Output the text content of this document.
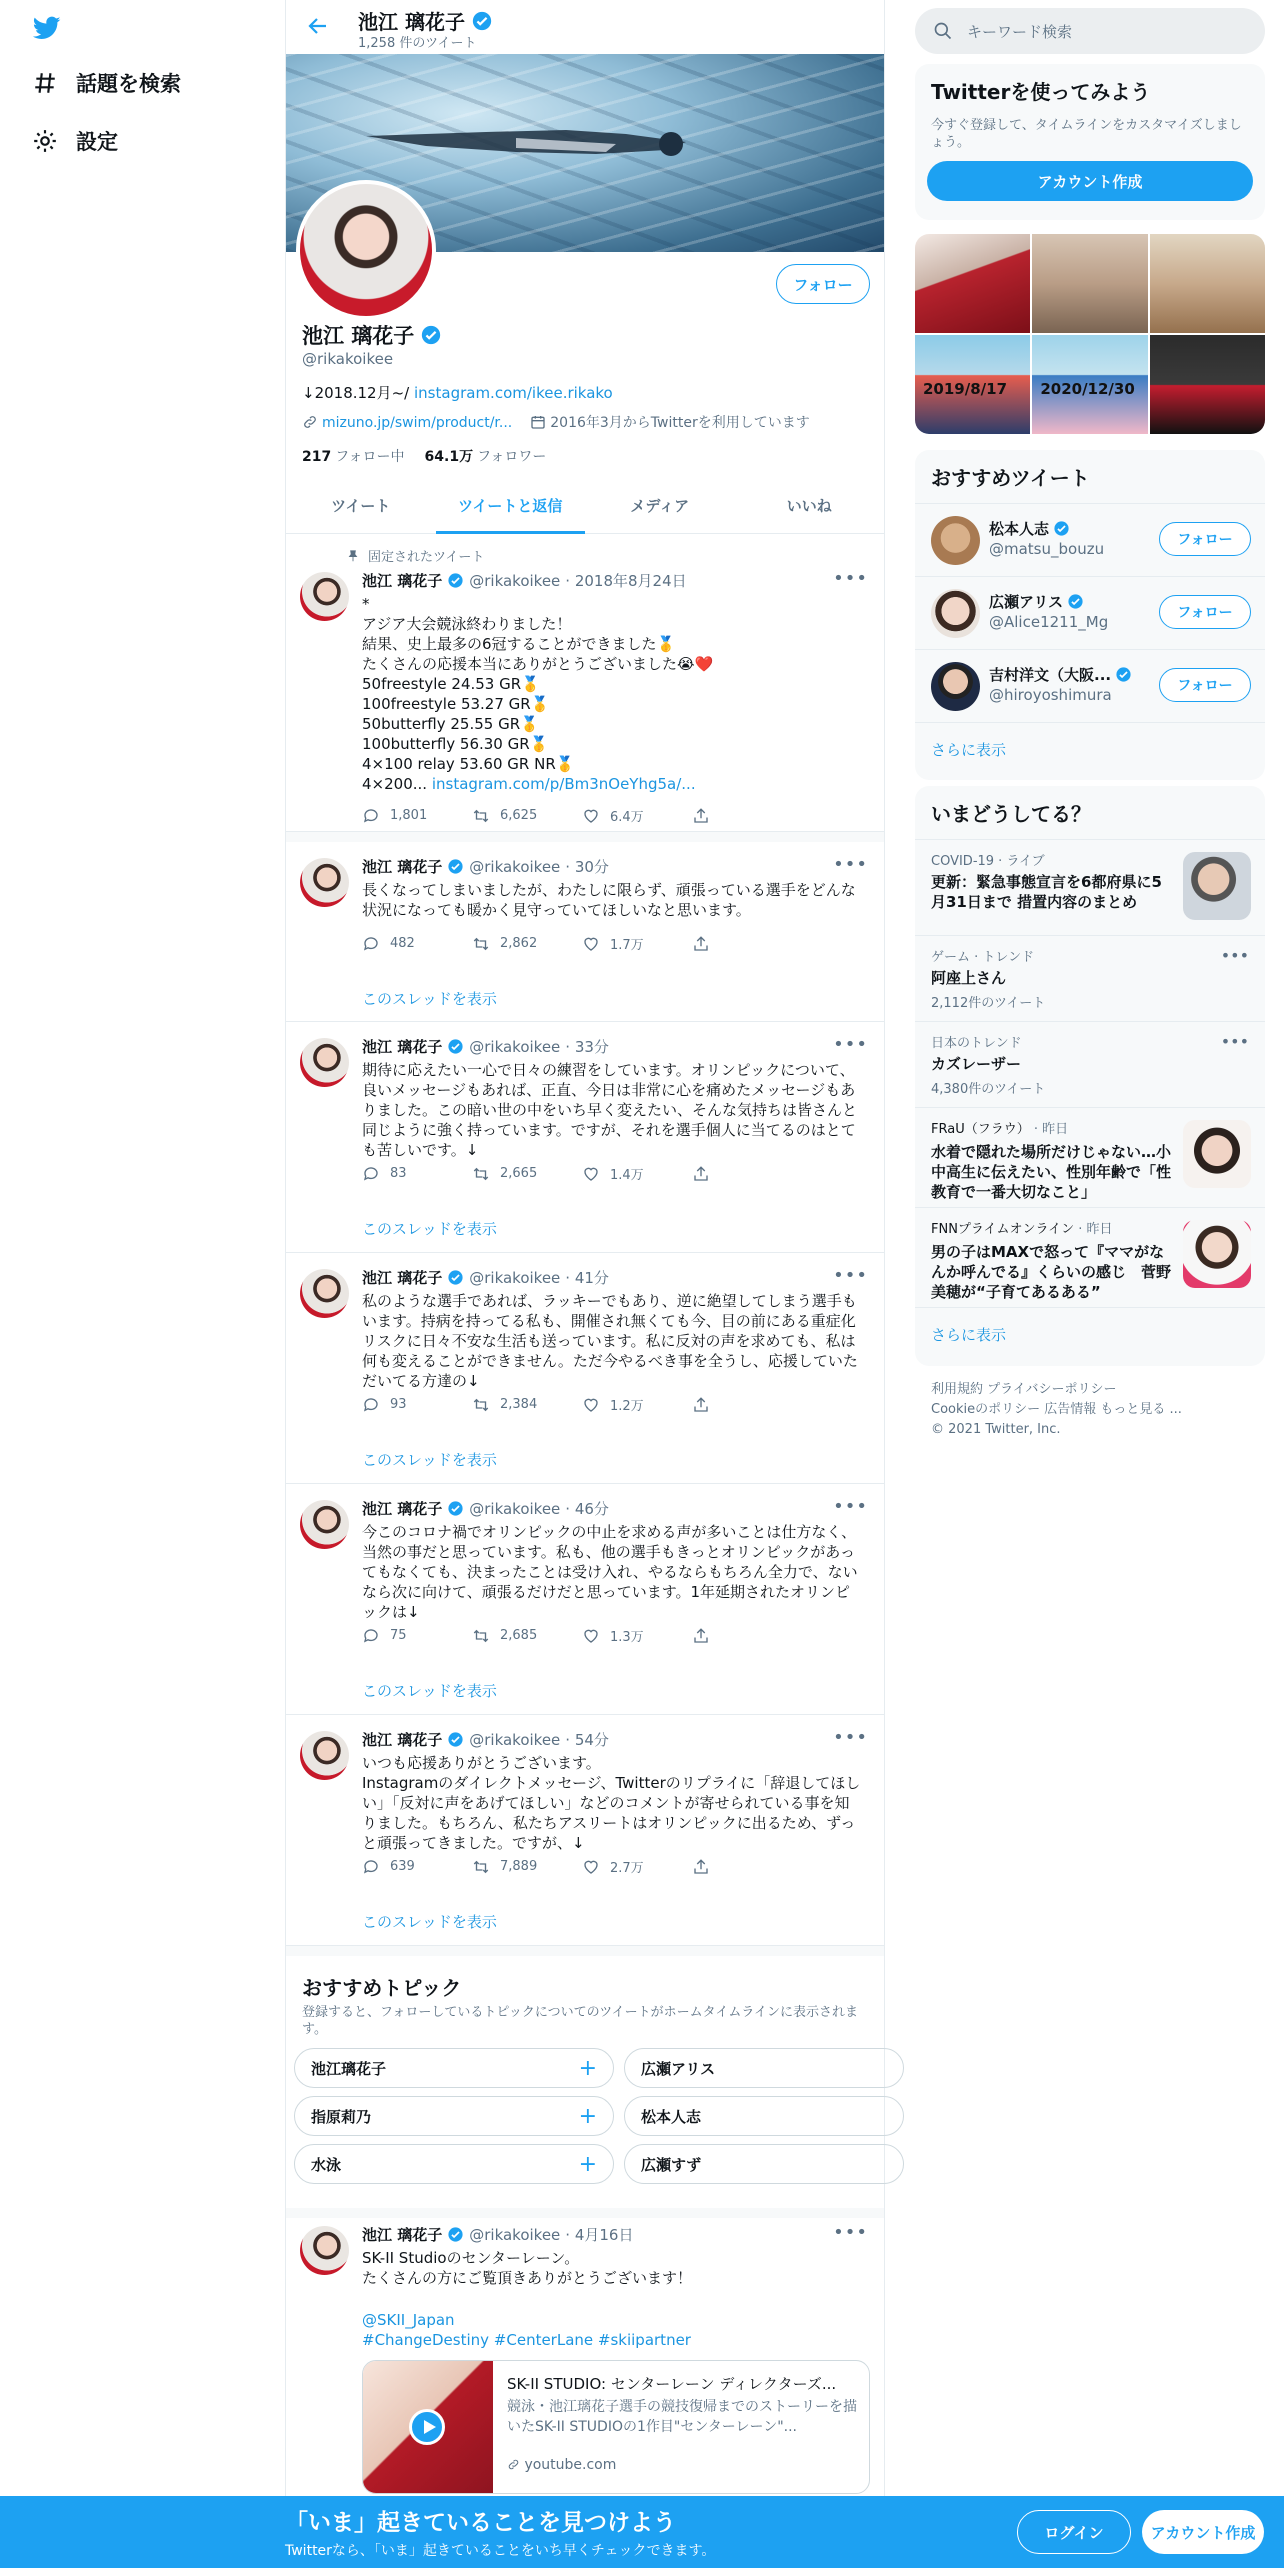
話題を検索
設定
池江 璃花子
1,258 件のツイート
フォロー
池江 璃花子
@rikakoikee
↓2018.12月~/ instagram.com/ikee.rikako
mizuno.jp/swim/product/r...	2016年3月からTwitterを利用しています
217 フォロー中 64.1万 フォロワー
ツイート	ツイートと返信	メディア	いいね
固定されたツイート
池江 璃花子 @rikakoikee · 2018年8月24日	•••
*
アジア大会競泳終わりました！
結果、史上最多の6冠することができました🥇
たくさんの応援本当にありがとうございました😭❤️
50freestyle 24.53 GR🥇
100freestyle 53.27 GR🥇
50butterfly 25.55 GR🥇
100butterfly 56.30 GR🥇
4×100 relay 53.60 GR NR🥇
4×200... instagram.com/p/Bm3nOeYhg5a/...
1,801	6,625	6.4万
池江 璃花子 @rikakoikee · 30分	•••
長くなってしまいましたが、わたしに限らず、頑張っている選手をどんな状況になっても暖かく見守っていてほしいなと思います。
482	2,862	1.7万
このスレッドを表示
池江 璃花子 @rikakoikee · 33分	•••
期待に応えたい一心で日々の練習をしています。オリンピックについて、良いメッセージもあれば、正直、今日は非常に心を痛めたメッセージもありました。この暗い世の中をいち早く変えたい、そんな気持ちは皆さんと同じように強く持っています。ですが、それを選手個人に当てるのはとても苦しいです。↓
83	2,665	1.4万
このスレッドを表示
池江 璃花子 @rikakoikee · 41分	•••
私のような選手であれば、ラッキーでもあり、逆に絶望してしまう選手もいます。持病を持ってる私も、開催され無くても今、目の前にある重症化リスクに日々不安な生活も送っています。私に反対の声を求めても、私は何も変えることができません。ただ今やるべき事を全うし、応援していただいてる方達の↓
93	2,384	1.2万
このスレッドを表示
池江 璃花子 @rikakoikee · 46分	•••
今このコロナ禍でオリンピックの中止を求める声が多いことは仕方なく、当然の事だと思っています。私も、他の選手もきっとオリンピックがあってもなくても、決まったことは受け入れ、やるならもちろん全力で、ないなら次に向けて、頑張るだけだと思っています。1年延期されたオリンピックは↓
75	2,685	1.3万
このスレッドを表示
池江 璃花子 @rikakoikee · 54分	•••
いつも応援ありがとうございます。
Instagramのダイレクトメッセージ、Twitterのリプライに「辞退してほしい」「反対に声をあげてほしい」などのコメントが寄せられている事を知りました。もちろん、私たちアスリートはオリンピックに出るため、ずっと頑張ってきました。ですが、↓
639	7,889	2.7万
このスレッドを表示
おすすめトピック
登録すると、フォローしているトピックについてのツイートがホームタイムラインに表示されます。
池江璃花子	+	広瀬アリス
指原莉乃	+	松本人志
水泳	+	広瀬すず
池江 璃花子 @rikakoikee · 4月16日	•••
SK-II Studioのセンターレーン。
たくさんの方にご覧頂きありがとうございます！
@SKII_Japan
#ChangeDestiny #CenterLane #skiipartner
SK-II STUDIO: センターレーン ディレクターズ...
競泳・池江璃花子選手の競技復帰までのストーリーを描いたSK-II STUDIOの1作目"センターレーン"...
youtube.com
キーワード検索
Twitterを使ってみよう
今すぐ登録して、タイムラインをカスタマイズしましょう。
アカウント作成
2019/8/17 2020/12/30
おすすめツイート
松本人志
@matsu_bouzu	フォロー
広瀬アリス
@Alice1211_Mg	フォロー
吉村洋文（大阪...
@hiroyoshimura	フォロー
さらに表示
いまどうしてる？
COVID-19 · ライブ
更新：緊急事態宣言を6都府県に5月31日まで 措置内容のまとめ
ゲーム · トレンド	•••
阿座上さん
2,112件のツイート
日本のトレンド	•••
カズレーザー
4,380件のツイート
FRaU（フラウ） · 昨日
水着で隠れた場所だけじゃない…小中高生に伝えたい、性別年齢で「性教育で一番大切なこと」
FNNプライムオンライン · 昨日
男の子はMAXで怒って『ママがなんか呼んでる』くらいの感じ　菅野美穂が“子育てあるある”
さらに表示
利用規約 プライバシーポリシー
Cookieのポリシー 広告情報 もっと見る ...
© 2021 Twitter, Inc.
「いま」起きていることを見つけよう
Twitterなら、「いま」起きていることをいち早くチェックできます。
ログイン	アカウント作成
